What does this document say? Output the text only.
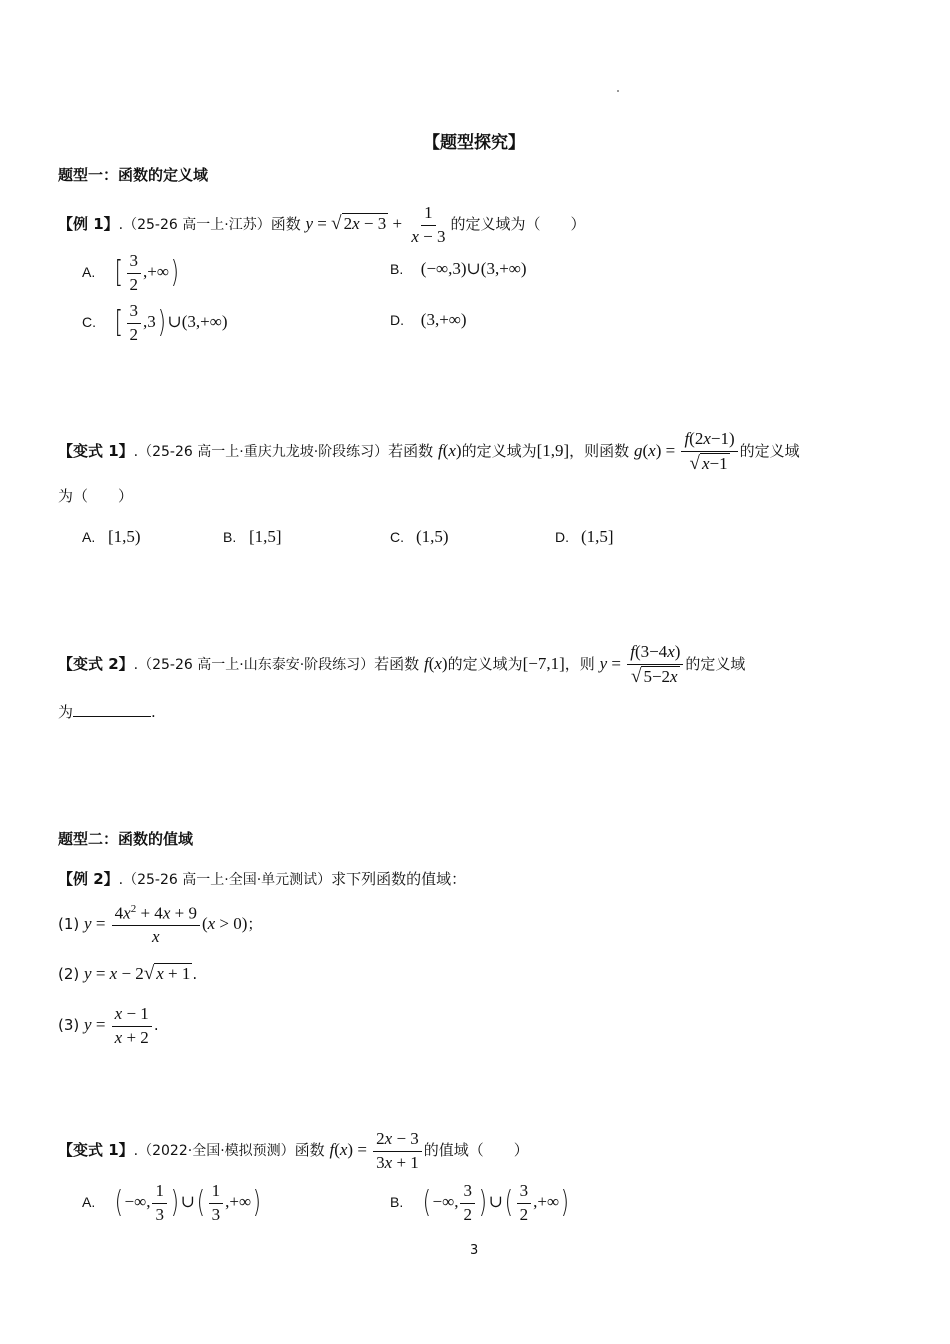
【题型探究】
题型一：函数的定义域
【例 1】.（25-26 高一上·江苏）函数 y = √ $2x - 3 + \frac{1}{x - 3}$ 的定义域为（　　）
A. [ $\frac{3}{2}$ ,+∞)	B. (−∞,3)∪(3,+∞)
C. [ $\frac{3}{2} ,3$) ∪(3,+∞)	D. (3,+∞)
【变式 1】.（25-26 高一上·重庆九龙坡·阶段练习）若函数 f(x)的定义域为[1,9]，则函数 $g(x) = \frac{f(2x-1)}{√ x-1}$ 的定义域
为（　　）
A. [1,5)	B. [1,5]	C. (1,5)	D. (1,5]
【变式 2】.（25-26 高一上·山东泰安·阶段练习）若函数 f(x)的定义域为[−7,1]，则 $y = \frac{f(3-4x)}{√ 5-2x}$ 的定义域
为	.
题型二：函数的值域
【例 2】.（25-26 高一上·全国·单元测试）求下列函数的值域：
(1) $y = \frac{4x^2 + 4x + 9}{x} (x > 0)$；
(2) y = x − 2√ x + 1 .
(3) $y = \frac{x - 1}{x + 2}$ .
【变式 1】.（2022·全国·模拟预测）函数 $f(x) = \frac{2x - 3}{3x + 1}$ 的值域（　　）
A. ( −∞, $\frac{1}{3}$ ) ∪( $\frac{1}{3}$ ,+∞)	B. ( −∞, $\frac{3}{2}$ ) ∪( $\frac{3}{2}$ ,+∞)
3
